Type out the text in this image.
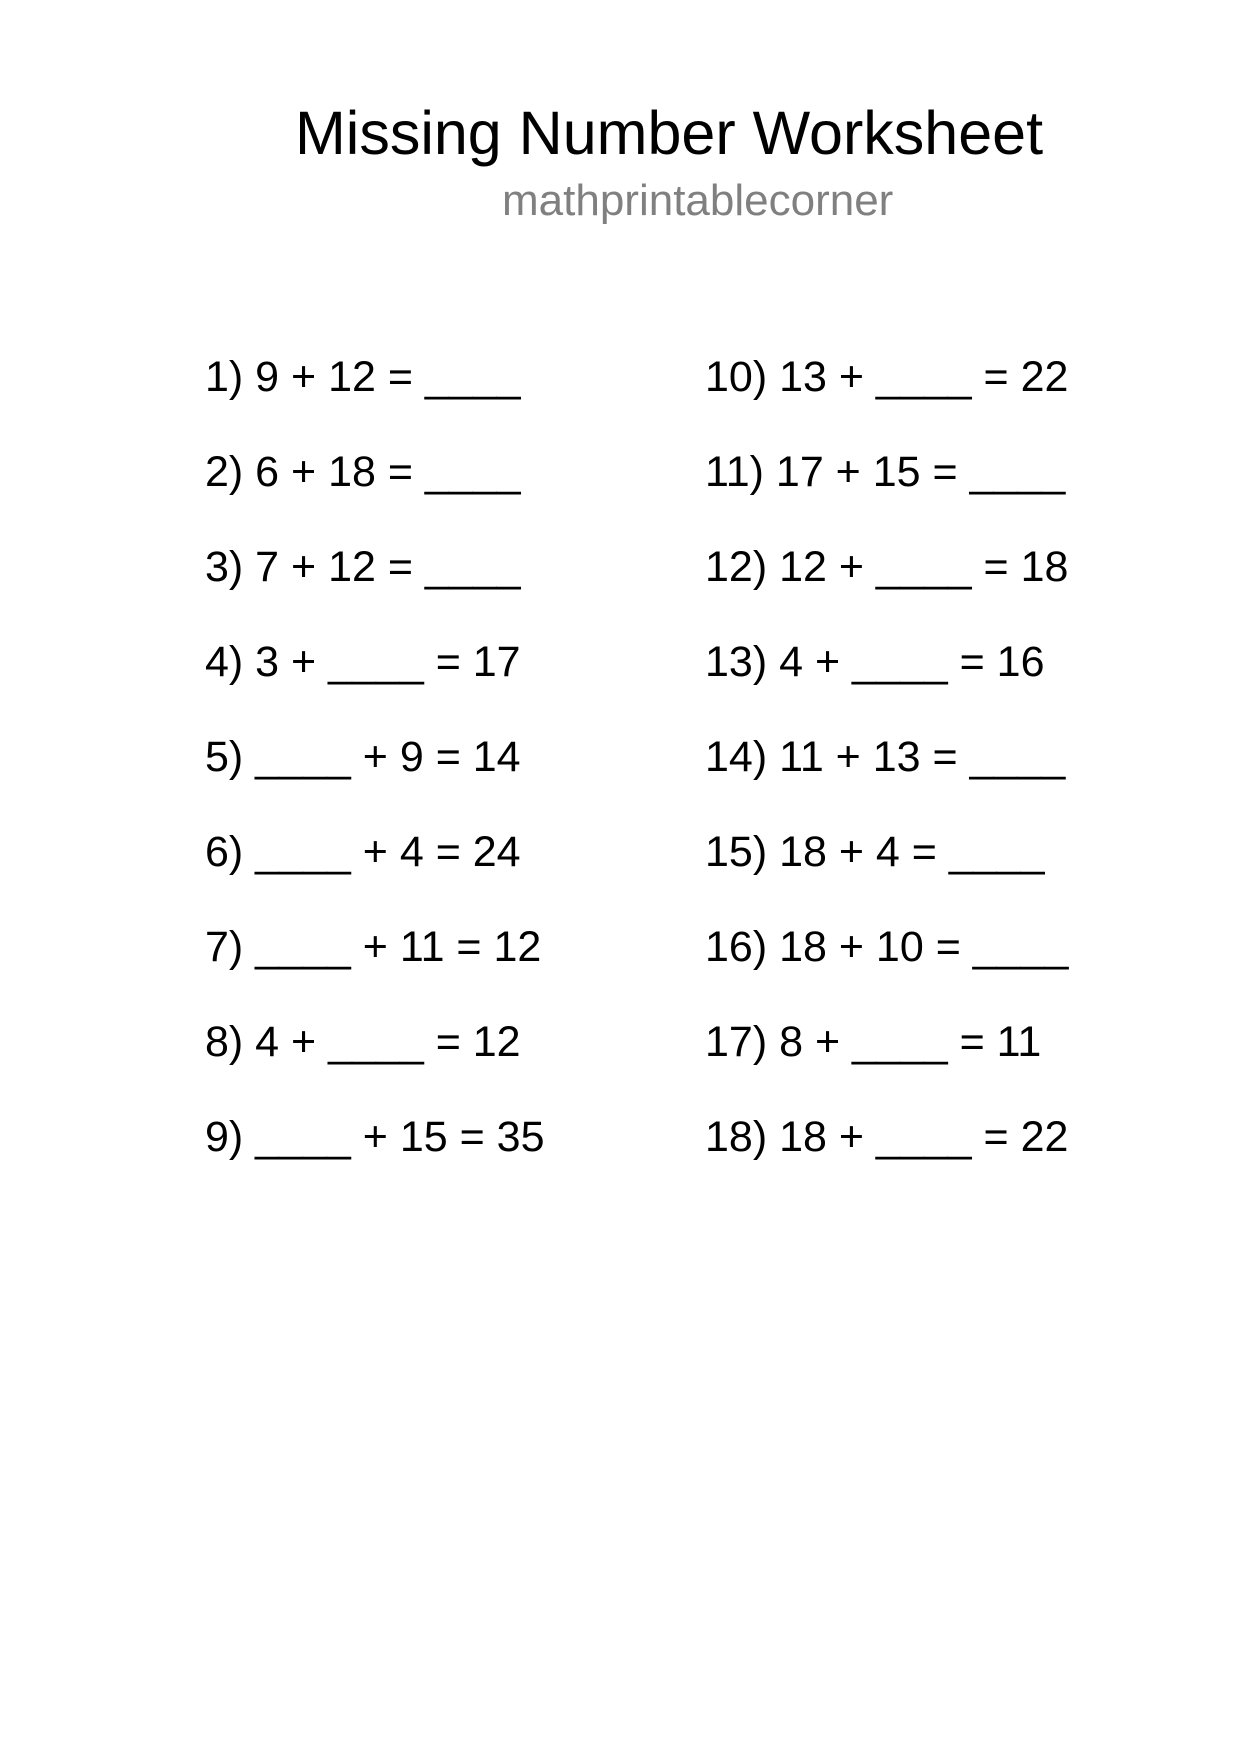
Missing Number Worksheet
mathprintablecorner
1) 9 + 12 = ____
2) 6 + 18 = ____
3) 7 + 12 = ____
4) 3 + ____ = 17
5) ____ + 9 = 14
6) ____ + 4 = 24
7) ____ + 11 = 12
8) 4 + ____ = 12
9) ____ + 15 = 35
10) 13 + ____ = 22
11) 17 + 15 = ____
12) 12 + ____ = 18
13) 4 + ____ = 16
14) 11 + 13 = ____
15) 18 + 4 = ____
16) 18 + 10 = ____
17) 8 + ____ = 11
18) 18 + ____ = 22
